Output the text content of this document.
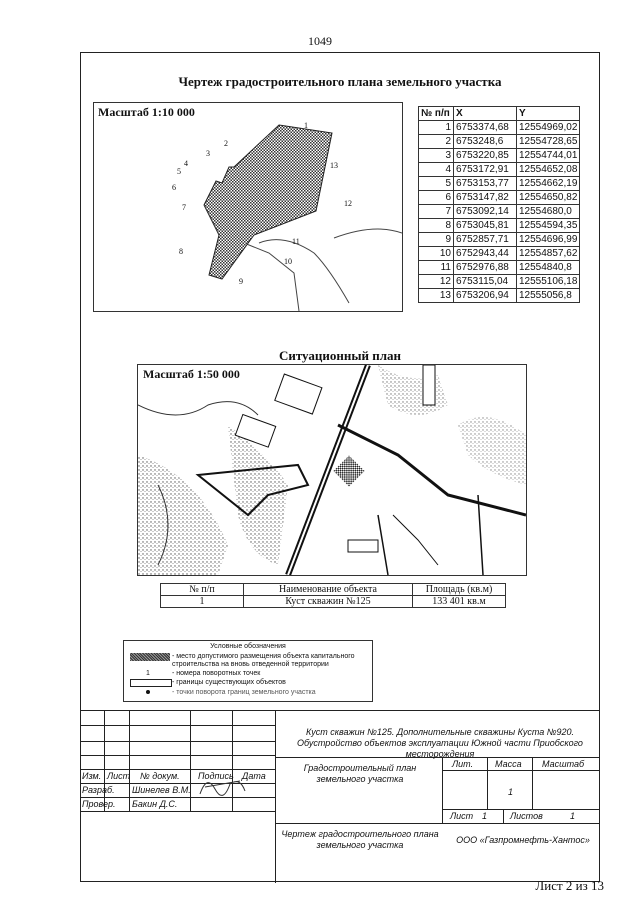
1049
Чертеж градостроительного плана земельного участка
Масштаб 1:10 000
1
2
3
4
5
6
7
8
9
10
11
12
13
№ п/п	X	Y
1	6753374,68	12554969,02
2	6753248,6	12554728,65
3	6753220,85	12554744,01
4	6753172,91	12554652,08
5	6753153,77	12554662,19
6	6753147,82	12554650,82
7	6753092,14	12554680,0
8	6753045,81	12554594,35
9	6752857,71	12554696,99
10	6752943,44	12554857,62
11	6752976,88	12554840,8
12	6753115,04	12555106,18
13	6753206,94	12555056,8
Ситуационный план
Масштаб 1:50 000
№ п/п	Наименование объекта	Площадь (кв.м)
1	Куст скважин №125	133 401 кв.м
Условные обозначения
- место допустимого размещения объекта капитального строительства на вновь отведенной территории
1	- номера поворотных точек
- границы существующих объектов
- точки поворота границ земельного участка
Куст скважин №125. Дополнительные скважины Куста №920. Обустройство объектов эксплуатации Южной части Приобского месторождения
Изм. Лист № докум. Подпись Дата
Разраб. Шинелев В.М.
Провер. Бакин Д.С.
Градостроительный план земельного участка
Лит. Масса Масштаб
1
Лист 1	Листов	1
Чертеж градостроительного плана земельного участка	ООО «Газпромнефть-Хантос»
Лист 2 из 13
